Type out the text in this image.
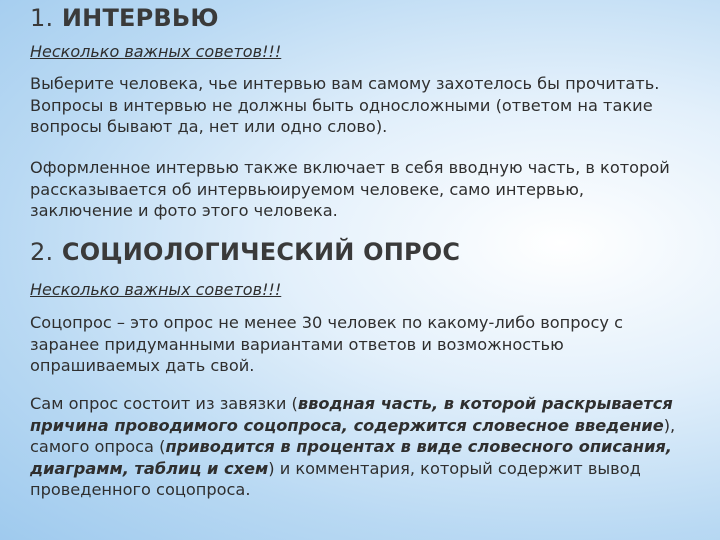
1. ИНТЕРВЬЮ

Несколько важных советов!!!

Выберите человека, чье интервью вам самому захотелось бы прочитать. Вопросы в интервью не должны быть односложными (ответом на такие вопросы бывают да, нет или одно слово).

Оформленное интервью также включает в себя вводную часть, в которой рассказывается об интервьюируемом человеке, само интервью, заключение и фото этого человека.

2. СОЦИОЛОГИЧЕСКИЙ ОПРОС

Несколько важных советов!!!

Соцопрос – это опрос не менее 30 человек по какому-либо вопросу с заранее придуманными вариантами ответов и возможностью опрашиваемых дать свой.

Сам опрос состоит из завязки (вводная часть, в которой раскрывается причина проводимого соцопроса, содержится словесное введение), самого опроса (приводится в процентах в виде словесного описания, диаграмм, таблиц и схем) и комментария, который содержит вывод проведенного соцопроса.
